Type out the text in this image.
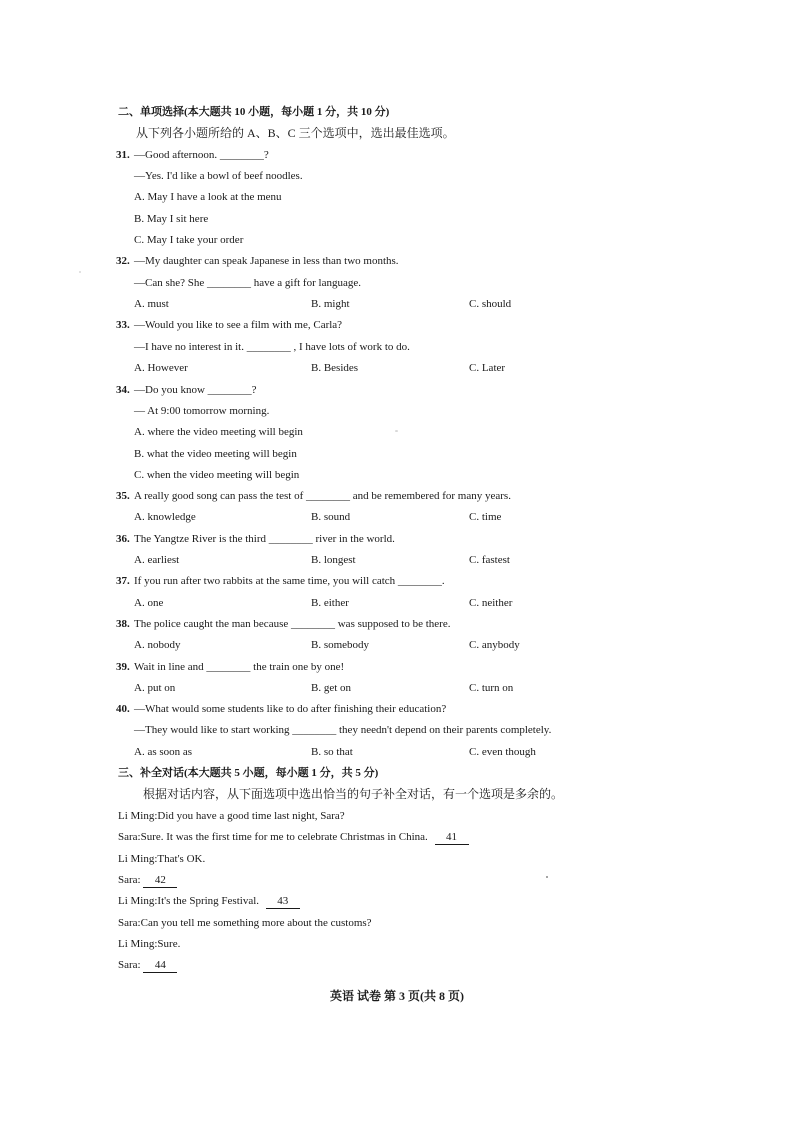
二、单项选择(本大题共 10 小题，每小题 1 分，共 10 分)
从下列各小题所给的 A、B、C 三个选项中，选出最佳选项。
31. —Good afternoon. ________?
—Yes. I'd like a bowl of beef noodles.
A. May I have a look at the menu
B. May I sit here
C. May I take your order
32. —My daughter can speak Japanese in less than two months.
—Can she? She ________ have a gift for language.
A. must	B. might	C. should
33. —Would you like to see a film with me, Carla?
—I have no interest in it. ________ , I have lots of work to do.
A. However	B. Besides	C. Later
34. —Do you know ________?
— At 9:00 tomorrow morning.
A. where the video meeting will begin
B. what the video meeting will begin
C. when the video meeting will begin
35. A really good song can pass the test of ________ and be remembered for many years.
A. knowledge	B. sound	C. time
36. The Yangtze River is the third ________ river in the world.
A. earliest	B. longest	C. fastest
37. If you run after two rabbits at the same time, you will catch ________.
A. one	B. either	C. neither
38. The police caught the man because ________ was supposed to be there.
A. nobody	B. somebody	C. anybody
39. Wait in line and ________ the train one by one!
A. put on	B. get on	C. turn on
40. —What would some students like to do after finishing their education?
—They would like to start working ________ they needn't depend on their parents completely.
A. as soon as	B. so that	C. even though
三、补全对话(本大题共 5 小题，每小题 1 分，共 5 分)
根据对话内容，从下面选项中选出恰当的句子补全对话，有一个选项是多余的。
Li Ming:Did you have a good time last night, Sara?
Sara:Sure. It was the first time for me to celebrate Christmas in China. 41
Li Ming:That's OK.
Sara: 42
Li Ming:It's the Spring Festival. 43
Sara:Can you tell me something more about the customs?
Li Ming:Sure.
Sara: 44
英语 试卷 第 3 页(共 8 页)
